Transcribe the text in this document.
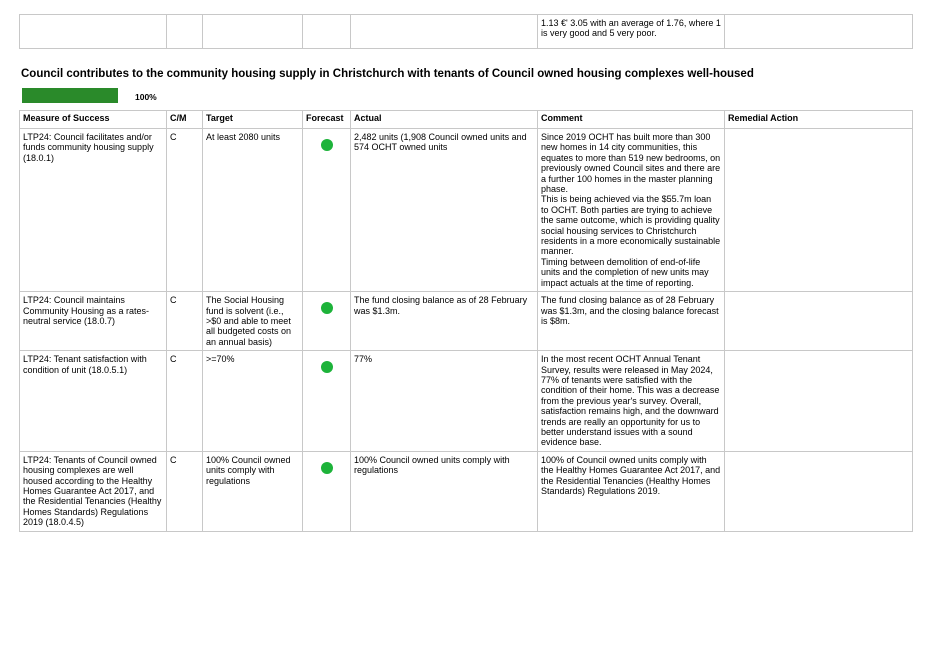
					1.13 €' 3.05 with an average of 1.76, where 1 is very good and 5 very poor.	
Council contributes to the community housing supply in Christchurch with tenants of Council owned housing complexes well-housed
100%
Measure of Success	C/M	Target	Forecast	Actual	Comment	Remedial Action
LTP24: Council facilitates and/or funds community housing supply (18.0.1)	C	At least 2080 units		2,482 units (1,908 Council owned units and 574 OCHT owned units	Since 2019 OCHT has built more than 300 new homes in 14 city communities, this equates to more than 519 new bedrooms, on previously owned Council sites and there are a further 100 homes in the master planning phase.
This is being achieved via the $55.7m loan to OCHT. Both parties are trying to achieve the same outcome, which is providing quality social housing services to Christchurch residents in a more economically sustainable manner.
Timing between demolition of end-of-life units and the completion of new units may impact actuals at the time of reporting.	
LTP24: Council maintains Community Housing as a rates-neutral service (18.0.7)	C	The Social Housing fund is solvent (i.e., >$0 and able to meet all budgeted costs on an annual basis)		The fund closing balance as of 28 February was $1.3m.	The fund closing balance as of 28 February was $1.3m, and the closing balance forecast is $8m.	
LTP24: Tenant satisfaction with condition of unit (18.0.5.1)	C	>=70%		77%	In the most recent OCHT Annual Tenant Survey, results were released in May 2024, 77% of tenants were satisfied with the condition of their home. This was a decrease from the previous year's survey. Overall, satisfaction remains high, and the downward trends are really an opportunity for us to better understand issues with a sound evidence base.	
LTP24: Tenants of Council owned housing complexes are well housed according to the Healthy Homes Guarantee Act 2017, and the Residential Tenancies (Healthy Homes Standards) Regulations 2019 (18.0.4.5)	C	100% Council owned units comply with regulations		100% Council owned units comply with regulations	100% of Council owned units comply with the Healthy Homes Guarantee Act 2017, and the Residential Tenancies (Healthy Homes Standards) Regulations 2019.	
